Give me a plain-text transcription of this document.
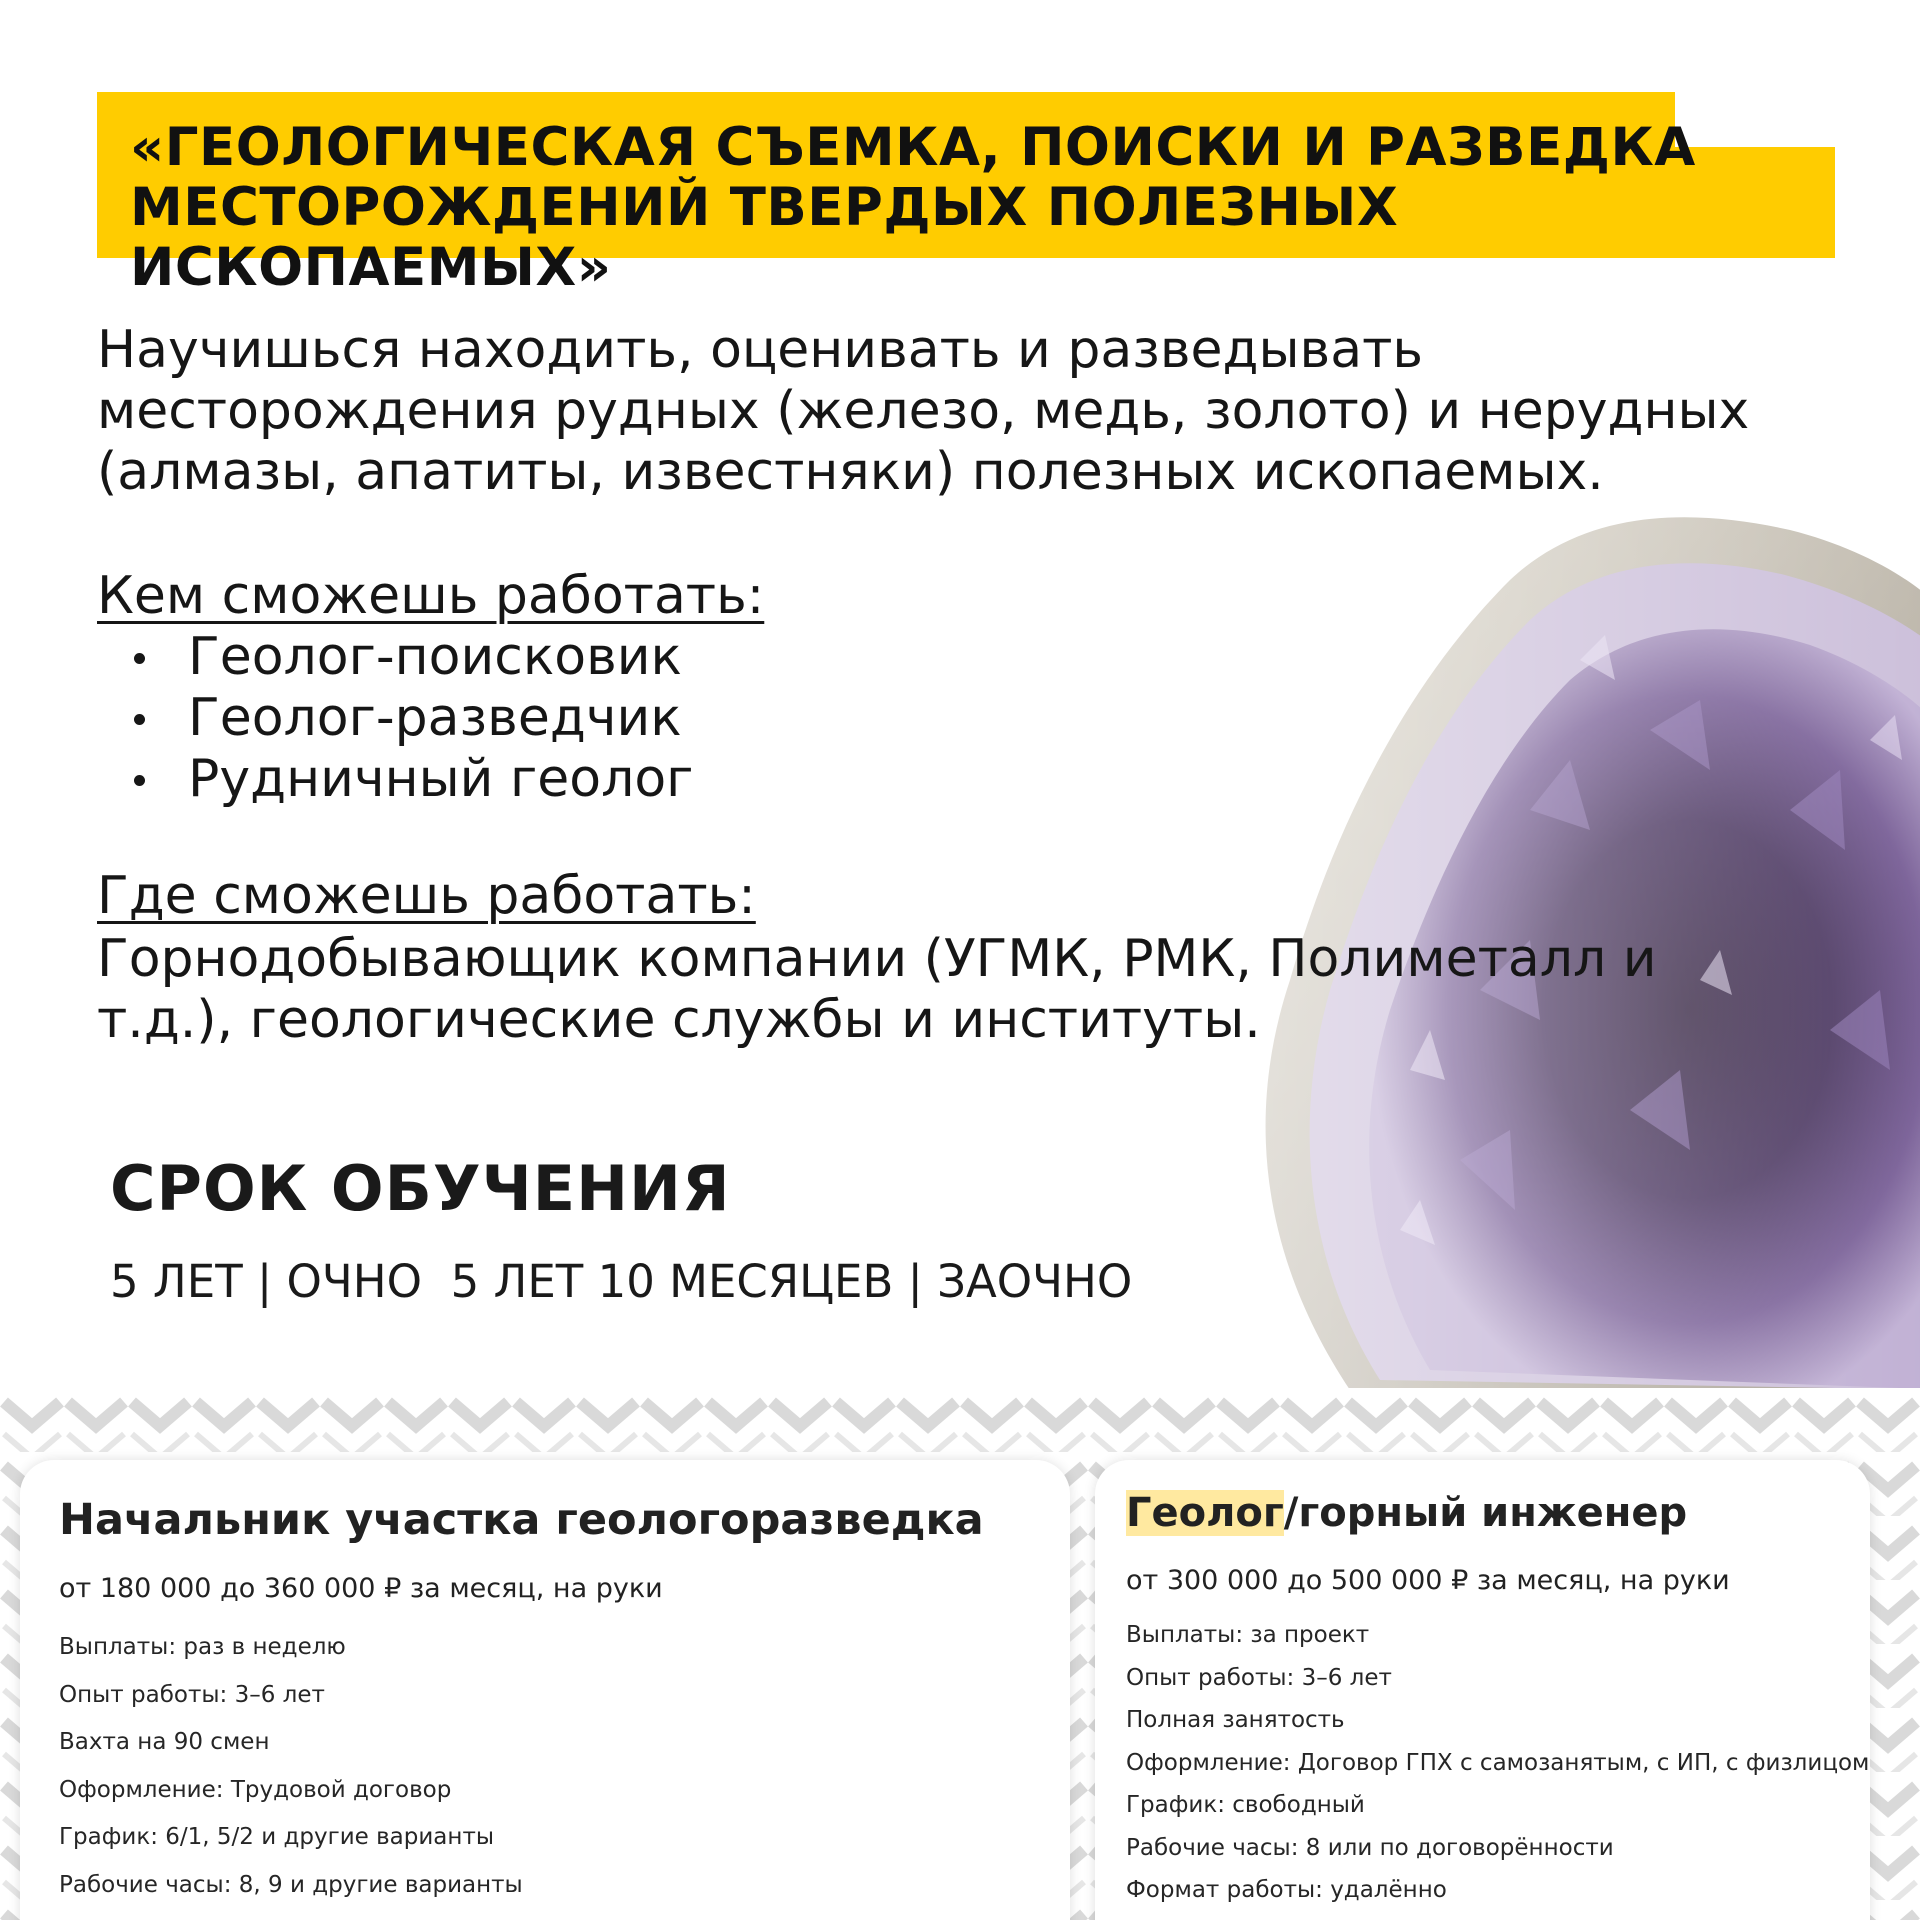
«ГЕОЛОГИЧЕСКАЯ СЪЕМКА, ПОИСКИ И РАЗВЕДКА
МЕСТОРОЖДЕНИЙ ТВЕРДЫХ ПОЛЕЗНЫХ ИСКОПАЕМЫХ»
Научишься находить, оценивать и разведывать
месторождения рудных (железо, медь, золото) и нерудных
(алмазы, апатиты, известняки) полезных ископаемых.
Кем сможешь работать:
Геолог-поисковик
Геолог-разведчик
Рудничный геолог
Где сможешь работать:
Горнодобывающик компании (УГМК, РМК, Полиметалл и
т.д.), геологические службы и институты.
СРОК ОБУЧЕНИЯ
5 ЛЕТ | ОЧНО  5 ЛЕТ 10 МЕСЯЦЕВ | ЗАОЧНО
Начальник участка геологоразведка
от 180 000 до 360 000 ₽ за месяц, на руки
Выплаты: раз в неделю
Опыт работы: 3–6 лет
Вахта на 90 смен
Оформление: Трудовой договор
График: 6/1, 5/2 и другие варианты
Рабочие часы: 8, 9 и другие варианты
Геолог/горный инженер
от 300 000 до 500 000 ₽ за месяц, на руки
Выплаты: за проект
Опыт работы: 3–6 лет
Полная занятость
Оформление: Договор ГПХ с самозанятым, с ИП, с физлицом
График: свободный
Рабочие часы: 8 или по договорённости
Формат работы: удалённо
